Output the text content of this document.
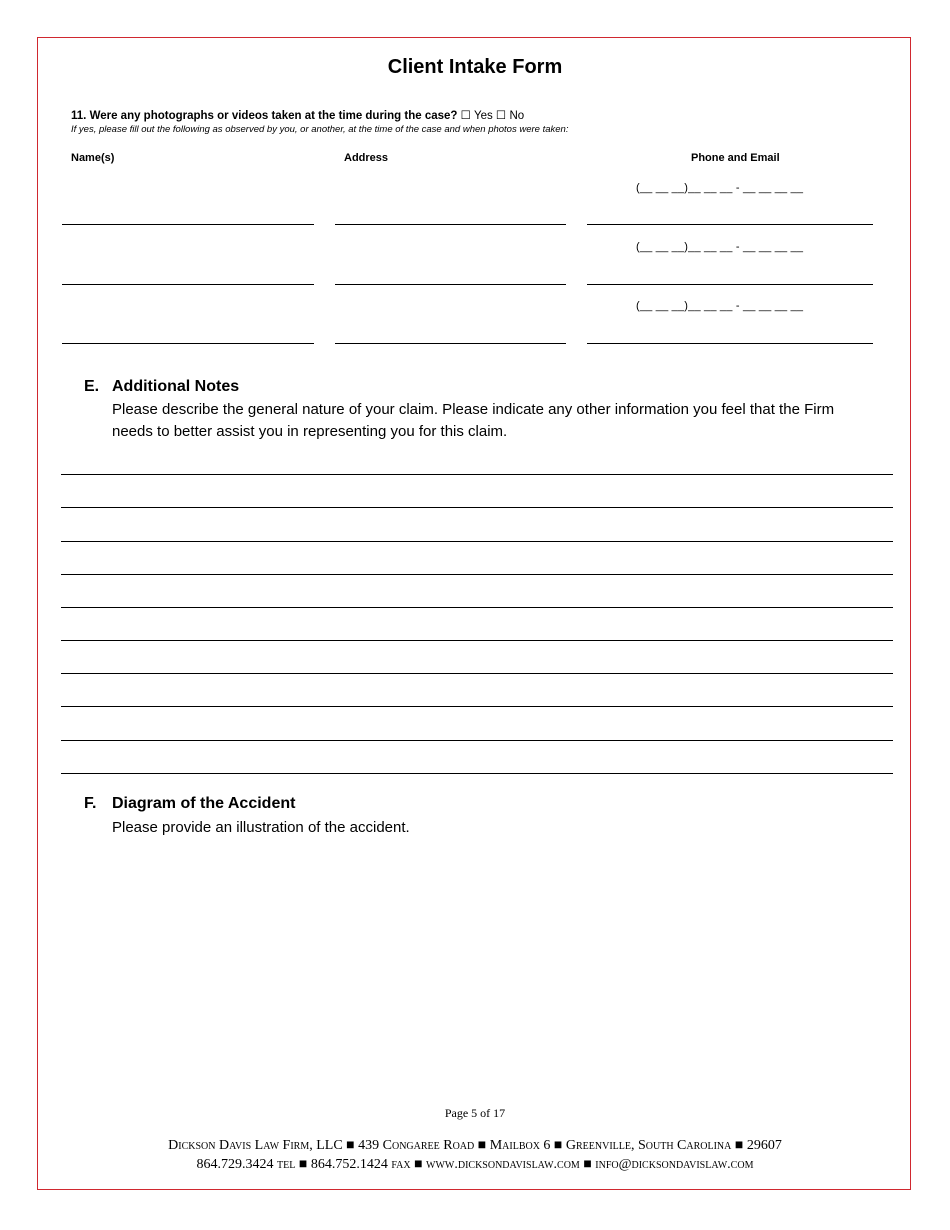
Client Intake Form
11. Were any photographs or videos taken at the time during the case? ☐ Yes ☐ No
If yes, please fill out the following as observed by you, or another, at the time of the case and when photos were taken:
Name(s)	Address	Phone and Email
(__ __ __)__ __ __ - __ __ __ __
(__ __ __)__ __ __ - __ __ __ __
(__ __ __)__ __ __ - __ __ __ __
E. Additional Notes
Please describe the general nature of your claim. Please indicate any other information you feel that the Firm
needs to better assist you in representing you for this claim.
F. Diagram of the Accident
Please provide an illustration of the accident.
Page 5 of 17
Dickson Davis Law Firm, LLC ■ 439 Congaree Road ■ Mailbox 6 ■ Greenville, South Carolina ■ 29607
864.729.3424 tel ■ 864.752.1424 fax ■ www.dicksondavislaw.com ■ info@dicksondavislaw.com
